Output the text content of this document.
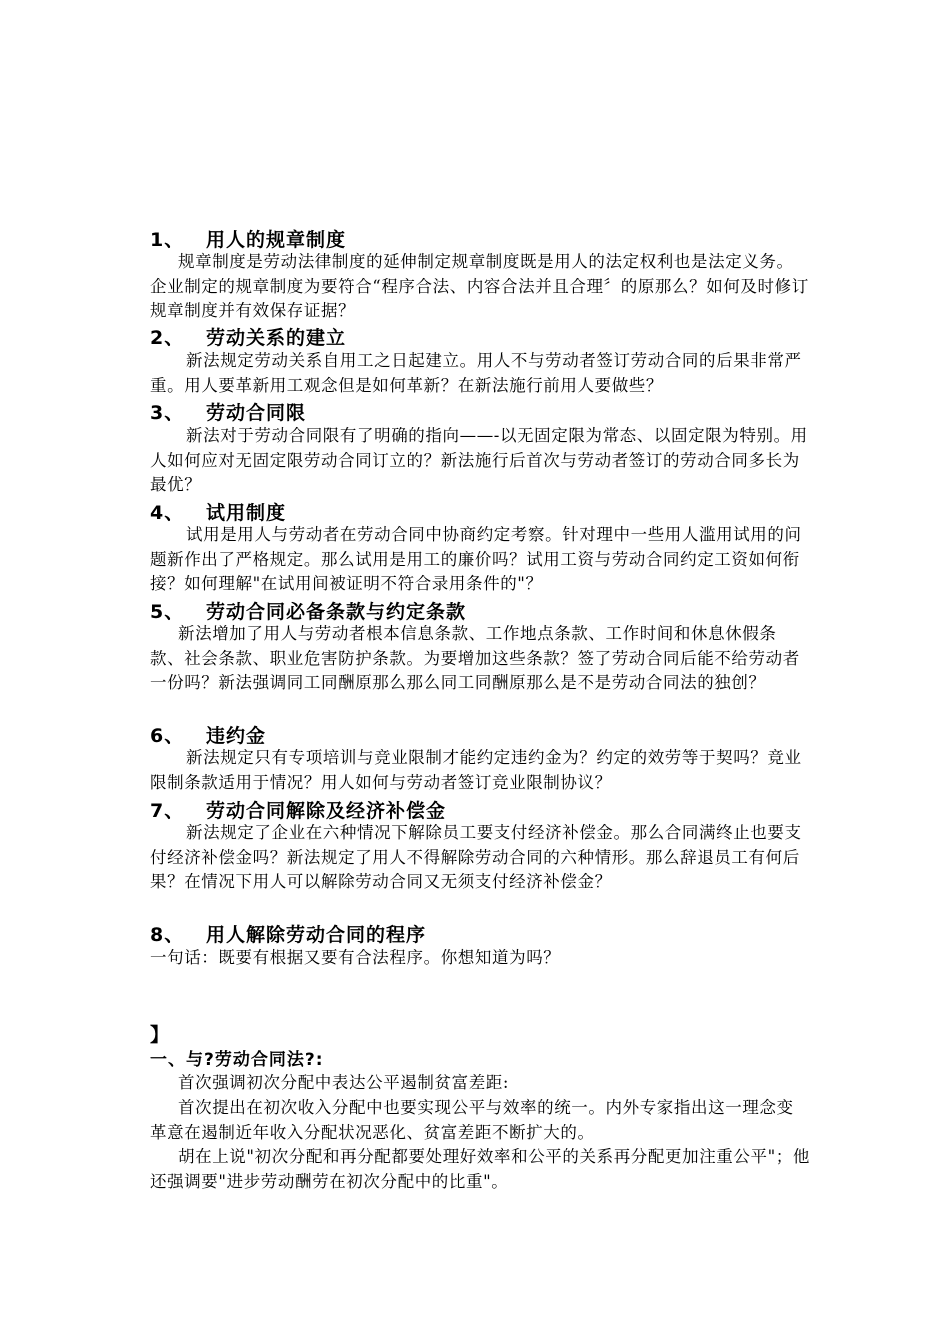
1、 用人的规章制度
规章制度是劳动法律制度的延伸制定规章制度既是用人的法定权利也是法定义务。企业制定的规章制度为要符合“程序合法、内容合法并且合理〞的原那么？如何及时修订规章制度并有效保存证据？
2、 劳动关系的建立
新法规定劳动关系自用工之日起建立。用人不与劳动者签订劳动合同的后果非常严重。用人要革新用工观念但是如何革新？在新法施行前用人要做些？
3、 劳动合同限
新法对于劳动合同限有了明确的指向——-以无固定限为常态、以固定限为特别。用人如何应对无固定限劳动合同订立的？新法施行后首次与劳动者签订的劳动合同多长为最优？
4、 试用制度
试用是用人与劳动者在劳动合同中协商约定考察。针对理中一些用人滥用试用的问题新作出了严格规定。那么试用是用工的廉价吗？试用工资与劳动合同约定工资如何衔接？如何理解"在试用间被证明不符合录用条件的"？
5、 劳动合同必备条款与约定条款
新法增加了用人与劳动者根本信息条款、工作地点条款、工作时间和休息休假条款、社会条款、职业危害防护条款。为要增加这些条款？签了劳动合同后能不给劳动者一份吗？新法强调同工同酬原那么那么同工同酬原那么是不是劳动合同法的独创？
6、 违约金
新法规定只有专项培训与竞业限制才能约定违约金为？约定的效劳等于契吗？竞业限制条款适用于情况？用人如何与劳动者签订竞业限制协议？
7、 劳动合同解除及经济补偿金
新法规定了企业在六种情况下解除员工要支付经济补偿金。那么合同满终止也要支付经济补偿金吗？新法规定了用人不得解除劳动合同的六种情形。那么辞退员工有何后果？在情况下用人可以解除劳动合同又无须支付经济补偿金？
8、 用人解除劳动合同的程序
一句话：既要有根据又要有合法程序。你想知道为吗？
】
一、与?劳动合同法?:
首次强调初次分配中表达公平遏制贫富差距:
首次提出在初次收入分配中也要实现公平与效率的统一。内外专家指出这一理念变革意在遏制近年收入分配状况恶化、贫富差距不断扩大的。
胡在上说"初次分配和再分配都要处理好效率和公平的关系再分配更加注重公平"；他还强调要"进步劳动酬劳在初次分配中的比重"。
